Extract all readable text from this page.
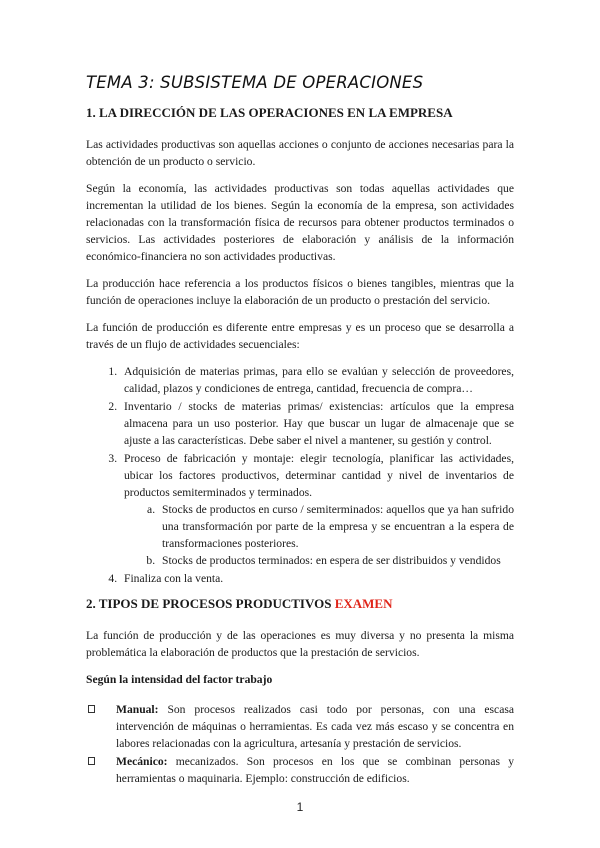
TEMA 3: SUBSISTEMA DE OPERACIONES
1. LA DIRECCIÓN DE LAS OPERACIONES EN LA EMPRESA

Las actividades productivas son aquellas acciones o conjunto de acciones necesarias para la obtención de un producto o servicio.

Según la economía, las actividades productivas son todas aquellas actividades que incrementan la utilidad de los bienes. Según la economía de la empresa, son actividades relacionadas con la transformación física de recursos para obtener productos terminados o servicios. Las actividades posteriores de elaboración y análisis de la información económico-financiera no son actividades productivas.

La producción hace referencia a los productos físicos o bienes tangibles, mientras que la función de operaciones incluye la elaboración de un producto o prestación del servicio.

La función de producción es diferente entre empresas y es un proceso que se desarrolla a través de un flujo de actividades secuenciales:

1. Adquisición de materias primas, para ello se evalúan y selección de proveedores, calidad, plazos y condiciones de entrega, cantidad, frecuencia de compra…
2. Inventario / stocks de materias primas/ existencias: artículos que la empresa almacena para un uso posterior. Hay que buscar un lugar de almacenaje que se ajuste a las características. Debe saber el nivel a mantener, su gestión y control.
3. Proceso de fabricación y montaje: elegir tecnología, planificar las actividades, ubicar los factores productivos, determinar cantidad y nivel de inventarios de productos semiterminados y terminados.
a. Stocks de productos en curso / semiterminados: aquellos que ya han sufrido una transformación por parte de la empresa y se encuentran a la espera de transformaciones posteriores.
b. Stocks de productos terminados: en espera de ser distribuidos y vendidos
4. Finaliza con la venta.
2. TIPOS DE PROCESOS PRODUCTIVOS EXAMEN

La función de producción y de las operaciones es muy diversa y no presenta la misma problemática la elaboración de productos que la prestación de servicios.

Según la intensidad del factor trabajo
Manual: Son procesos realizados casi todo por personas, con una escasa intervención de máquinas o herramientas. Es cada vez más escaso y se concentra en labores relacionadas con la agricultura, artesanía y prestación de servicios.
Mecánico: mecanizados. Son procesos en los que se combinan personas y herramientas o maquinaria. Ejemplo: construcción de edificios.
1
